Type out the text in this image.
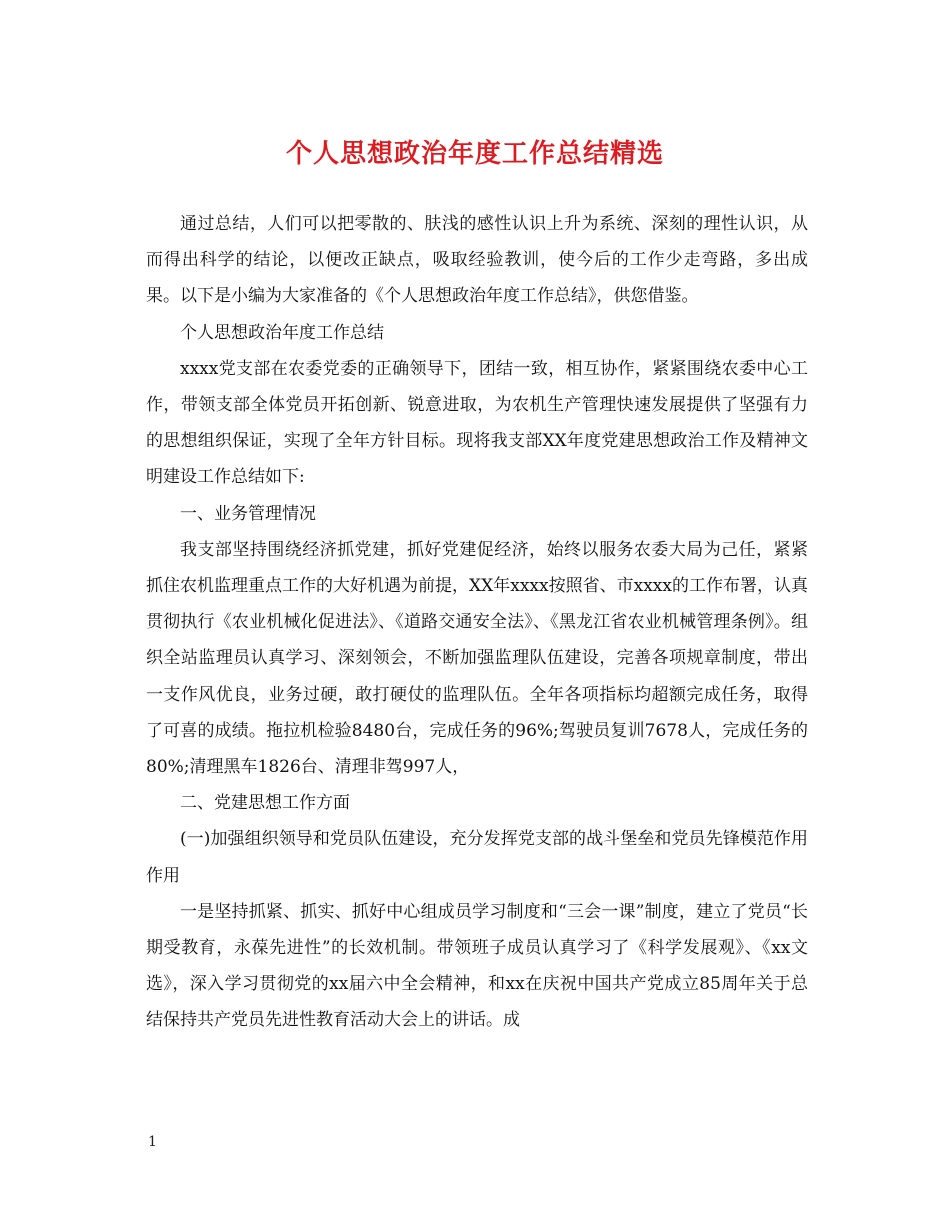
个人思想政治年度工作总结精选

通过总结，人们可以把零散的、肤浅的感性认识上升为系统、深刻的理性认识，从而得出科学的结论，以便改正缺点，吸取经验教训，使今后的工作少走弯路，多出成果。以下是小编为大家准备的《个人思想政治年度工作总结》，供您借鉴。

个人思想政治年度工作总结

xxxx党支部在农委党委的正确领导下，团结一致，相互协作，紧紧围绕农委中心工作，带领支部全体党员开拓创新、锐意进取，为农机生产管理快速发展提供了坚强有力的思想组织保证，实现了全年方针目标。现将我支部XX年度党建思想政治工作及精神文明建设工作总结如下:

一、业务管理情况

我支部坚持围绕经济抓党建，抓好党建促经济，始终以服务农委大局为己任，紧紧抓住农机监理重点工作的大好机遇为前提，XX年xxxx按照省、市xxxx的工作布署，认真贯彻执行《农业机械化促进法》、《道路交通安全法》、《黑龙江省农业机械管理条例》。组织全站监理员认真学习、深刻领会，不断加强监理队伍建设，完善各项规章制度，带出一支作风优良，业务过硬，敢打硬仗的监理队伍。全年各项指标均超额完成任务，取得了可喜的成绩。拖拉机检验8480台，完成任务的96%;驾驶员复训7678人，完成任务的80%;清理黑车1826台、清理非驾997人，

二、党建思想工作方面

(一)加强组织领导和党员队伍建设，充分发挥党支部的战斗堡垒和党员先锋模范作用作用

一是坚持抓紧、抓实、抓好中心组成员学习制度和“三会一课”制度，建立了党员“长期受教育，永葆先进性”的长效机制。带领班子成员认真学习了《科学发展观》、《xx文选》，深入学习贯彻党的xx届六中全会精神，和xx在庆祝中国共产党成立85周年关于总结保持共产党员先进性教育活动大会上的讲话。成

1
